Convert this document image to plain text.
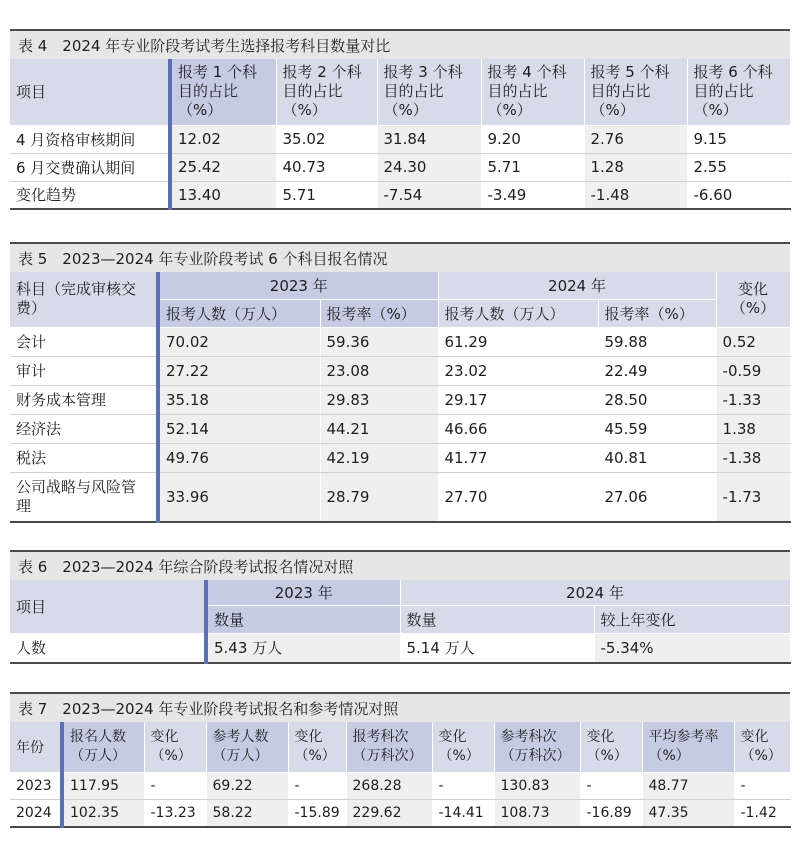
表 4　2024 年专业阶段考试考生选择报考科目数量对比
项目	报考 1 个科目的占比（%）	报考 2 个科目的占比（%）	报考 3 个科目的占比（%）	报考 4 个科目的占比（%）	报考 5 个科目的占比（%）	报考 6 个科目的占比（%）
4 月资格审核期间	12.02	35.02	31.84	9.20	2.76	9.15
6 月交费确认期间	25.42	40.73	24.30	5.71	1.28	2.55
变化趋势	13.40	5.71	-7.54	-3.49	-1.48	-6.60
表 5　2023—2024 年专业阶段考试 6 个科目报名情况
科目（完成审核交费）	2023 年		2024 年		变化（%）
	报考人数（万人）	报考率（%）	报考人数（万人）	报考率（%）	
会计	70.02	59.36	61.29	59.88	0.52
审计	27.22	23.08	23.02	22.49	-0.59
财务成本管理	35.18	29.83	29.17	28.50	-1.33
经济法	52.14	44.21	46.66	45.59	1.38
税法	49.76	42.19	41.77	40.81	-1.38
公司战略与风险管理	33.96	28.79	27.70	27.06	-1.73
表 6　2023—2024 年综合阶段考试报名情况对照
项目	2023 年	2024 年	
	数量	数量	较上年变化
人数	5.43 万人	5.14 万人	-5.34%
表 7　2023—2024 年专业阶段考试报名和参考情况对照
年份	报名人数（万人）	变化（%）	参考人数（万人）	变化（%）	报考科次（万科次）	变化（%）	参考科次（万科次）	变化（%）	平均参考率（%）	变化（%）
2023	117.95	-	69.22	-	268.28	-	130.83	-	48.77	-
2024	102.35	-13.23	58.22	-15.89	229.62	-14.41	108.73	-16.89	47.35	-1.42
